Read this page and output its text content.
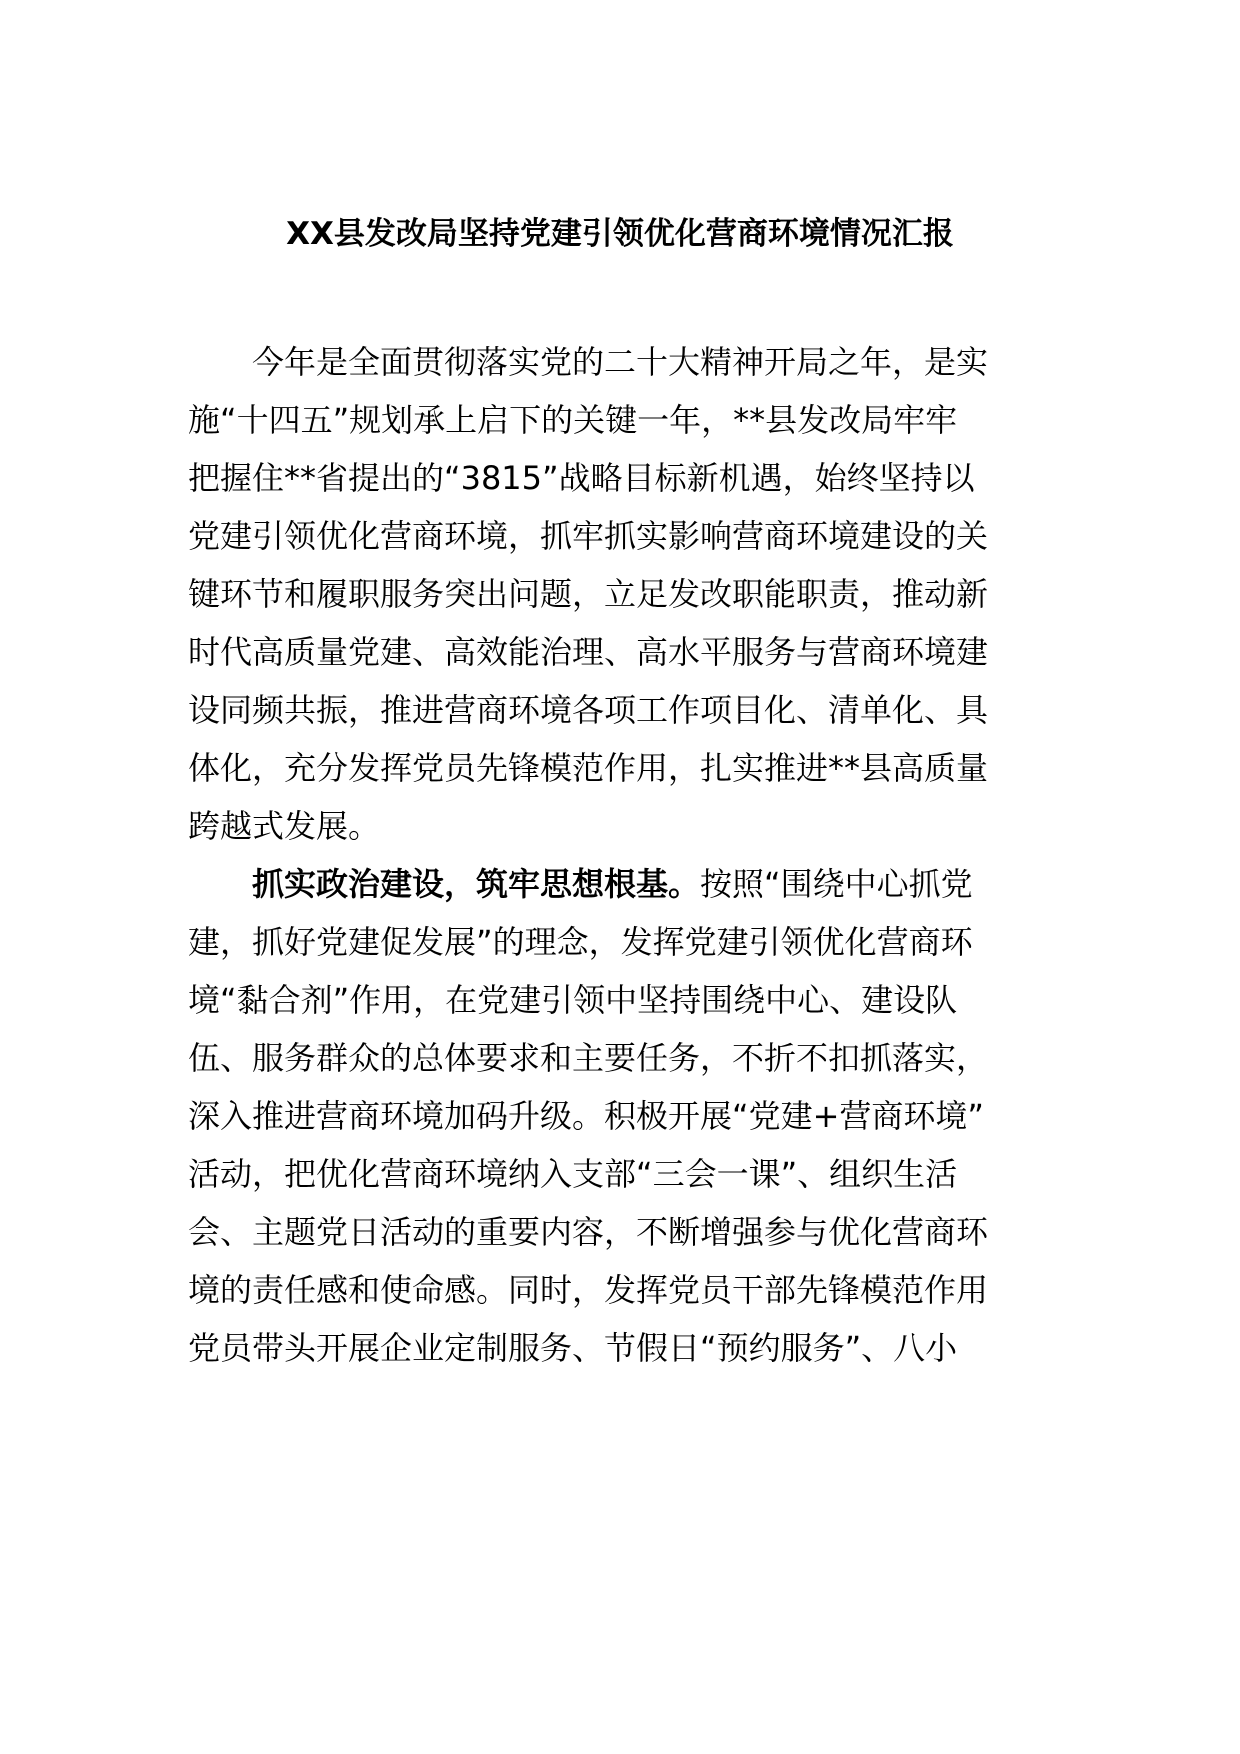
XX县发改局坚持党建引领优化营商环境情况汇报
今年是全面贯彻落实党的二十大精神开局之年，是实
施“十四五”规划承上启下的关键一年，**县发改局牢牢
把握住**省提出的“3815”战略目标新机遇，始终坚持以
党建引领优化营商环境，抓牢抓实影响营商环境建设的关
键环节和履职服务突出问题，立足发改职能职责，推动新
时代高质量党建、高效能治理、高水平服务与营商环境建
设同频共振，推进营商环境各项工作项目化、清单化、具
体化，充分发挥党员先锋模范作用，扎实推进**县高质量
跨越式发展。
抓实政治建设，筑牢思想根基。按照“围绕中心抓党
建，抓好党建促发展”的理念，发挥党建引领优化营商环
境“黏合剂”作用，在党建引领中坚持围绕中心、建设队
伍、服务群众的总体要求和主要任务，不折不扣抓落实，
深入推进营商环境加码升级。积极开展“党建+营商环境”
活动，把优化营商环境纳入支部“三会一课”、组织生活
会、主题党日活动的重要内容，不断增强参与优化营商环
境的责任感和使命感。同时，发挥党员干部先锋模范作用
党员带头开展企业定制服务、节假日“预约服务”、八小
